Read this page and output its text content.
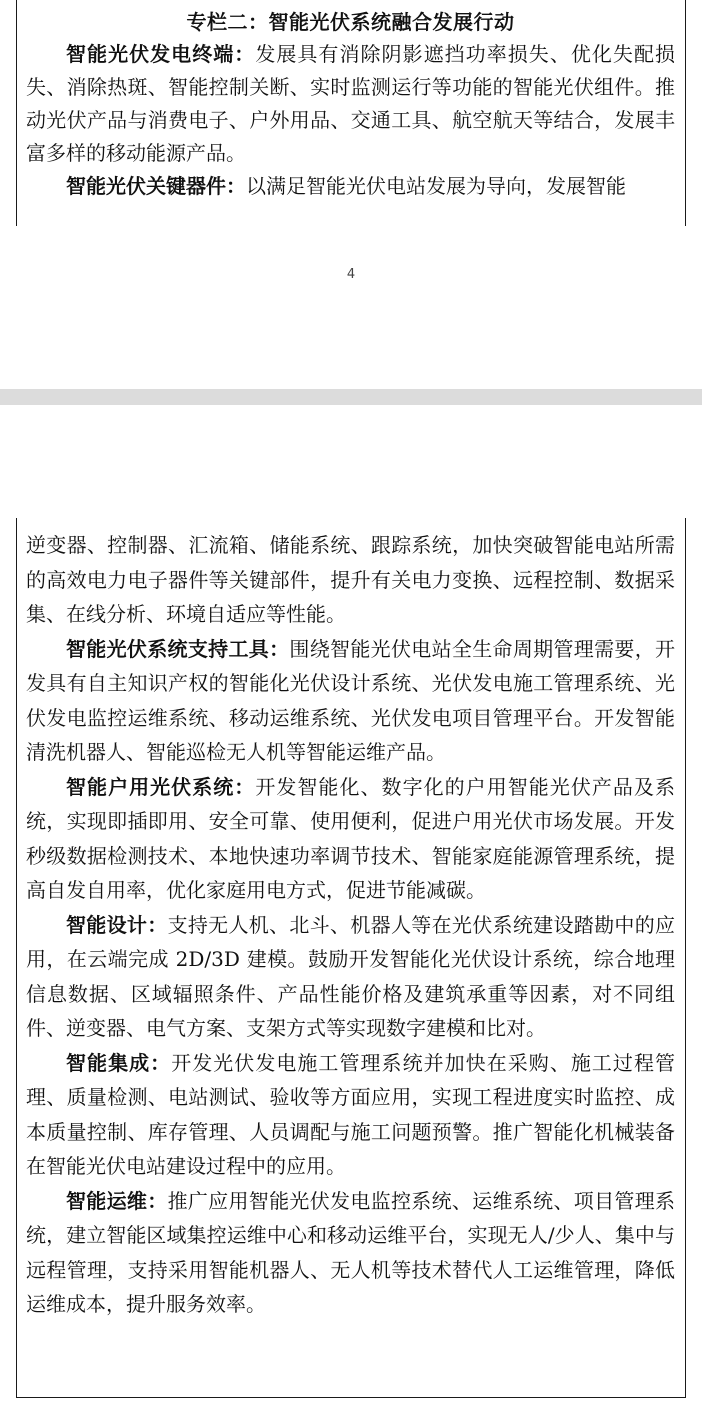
专栏二：智能光伏系统融合发展行动

智能光伏发电终端：发展具有消除阴影遮挡功率损失、优化失配损失、消除热斑、智能控制关断、实时监测运行等功能的智能光伏组件。推动光伏产品与消费电子、户外用品、交通工具、航空航天等结合，发展丰富多样的移动能源产品。

智能光伏关键器件：以满足智能光伏电站发展为导向，发展智能

4

逆变器、控制器、汇流箱、储能系统、跟踪系统，加快突破智能电站所需的高效电力电子器件等关键部件，提升有关电力变换、远程控制、数据采集、在线分析、环境自适应等性能。

智能光伏系统支持工具：围绕智能光伏电站全生命周期管理需要，开发具有自主知识产权的智能化光伏设计系统、光伏发电施工管理系统、光伏发电监控运维系统、移动运维系统、光伏发电项目管理平台。开发智能清洗机器人、智能巡检无人机等智能运维产品。

智能户用光伏系统：开发智能化、数字化的户用智能光伏产品及系统，实现即插即用、安全可靠、使用便利，促进户用光伏市场发展。开发秒级数据检测技术、本地快速功率调节技术、智能家庭能源管理系统，提高自发自用率，优化家庭用电方式，促进节能减碳。

智能设计：支持无人机、北斗、机器人等在光伏系统建设踏勘中的应用，在云端完成 2D/3D 建模。鼓励开发智能化光伏设计系统，综合地理信息数据、区域辐照条件、产品性能价格及建筑承重等因素，对不同组件、逆变器、电气方案、支架方式等实现数字建模和比对。

智能集成：开发光伏发电施工管理系统并加快在采购、施工过程管理、质量检测、电站测试、验收等方面应用，实现工程进度实时监控、成本质量控制、库存管理、人员调配与施工问题预警。推广智能化机械装备在智能光伏电站建设过程中的应用。

智能运维：推广应用智能光伏发电监控系统、运维系统、项目管理系统，建立智能区域集控运维中心和移动运维平台，实现无人/少人、集中与远程管理，支持采用智能机器人、无人机等技术替代人工运维管理，降低运维成本，提升服务效率。
